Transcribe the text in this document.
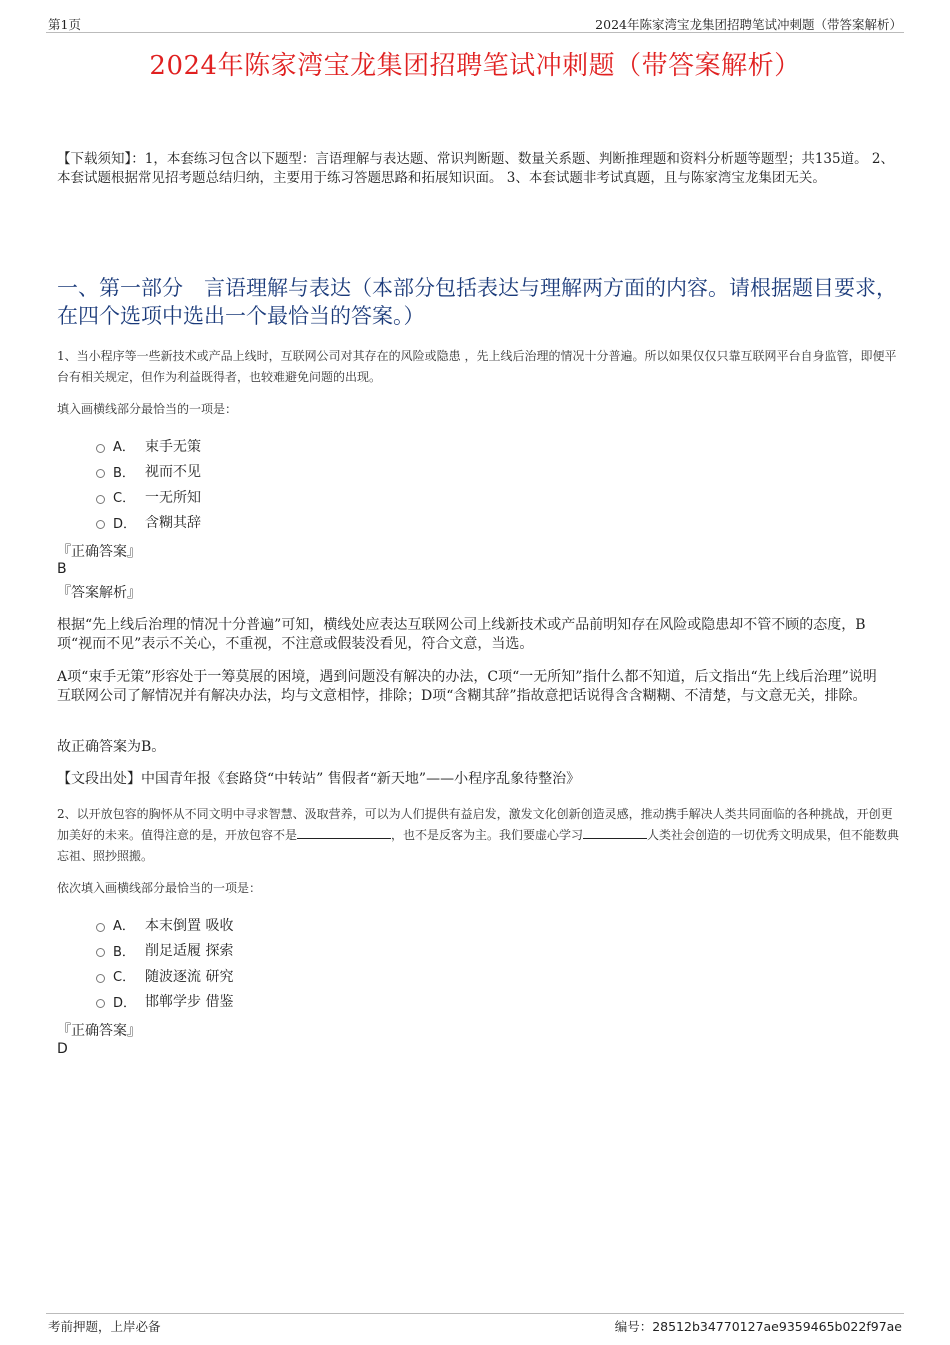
第1页	2024年陈家湾宝龙集团招聘笔试冲刺题（带答案解析）
2024年陈家湾宝龙集团招聘笔试冲刺题（带答案解析）
【下载须知】：1，本套练习包含以下题型：言语理解与表达题、常识判断题、数量关系题、判断推理题和资料分析题等题型；共135道。 2、本套试题根据常见招考题总结归纳，主要用于练习答题思路和拓展知识面。 3、本套试题非考试真题，且与陈家湾宝龙集团无关。
一、第一部分　言语理解与表达（本部分包括表达与理解两方面的内容。请根据题目要求，在四个选项中选出一个最恰当的答案。）
1、当小程序等一些新技术或产品上线时，互联网公司对其存在的风险或隐患 ，先上线后治理的情况十分普遍。所以如果仅仅只靠互联网平台自身监管，即便平台有相关规定，但作为利益既得者，也较难避免问题的出现。
填入画横线部分最恰当的一项是：
A． 束手无策
B． 视而不见
C． 一无所知
D． 含糊其辞
『正确答案』
B
『答案解析』
根据“先上线后治理的情况十分普遍”可知，横线处应表达互联网公司上线新技术或产品前明知存在风险或隐患却不管不顾的态度，B项“视而不见”表示不关心，不重视，不注意或假装没看见，符合文意，当选。
A项“束手无策”形容处于一筹莫展的困境，遇到问题没有解决的办法，C项“一无所知”指什么都不知道，后文指出“先上线后治理”说明互联网公司了解情况并有解决办法，均与文意相悖，排除；D项“含糊其辞”指故意把话说得含含糊糊、不清楚，与文意无关，排除。
故正确答案为B。
【文段出处】中国青年报《套路贷“中转站” 售假者“新天地”——小程序乱象待整治》
2、以开放包容的胸怀从不同文明中寻求智慧、汲取营养，可以为人们提供有益启发，激发文化创新创造灵感，推动携手解决人类共同面临的各种挑战，开创更加美好的未来。值得注意的是，开放包容不是	，也不是反客为主。我们要虚心学习	人类社会创造的一切优秀文明成果，但不能数典忘祖、照抄照搬。
依次填入画横线部分最恰当的一项是：
A． 本末倒置 吸收
B． 削足适履 探索
C． 随波逐流 研究
D． 邯郸学步 借鉴
『正确答案』
D
考前押题，上岸必备	编号：28512b34770127ae9359465b022f97ae
